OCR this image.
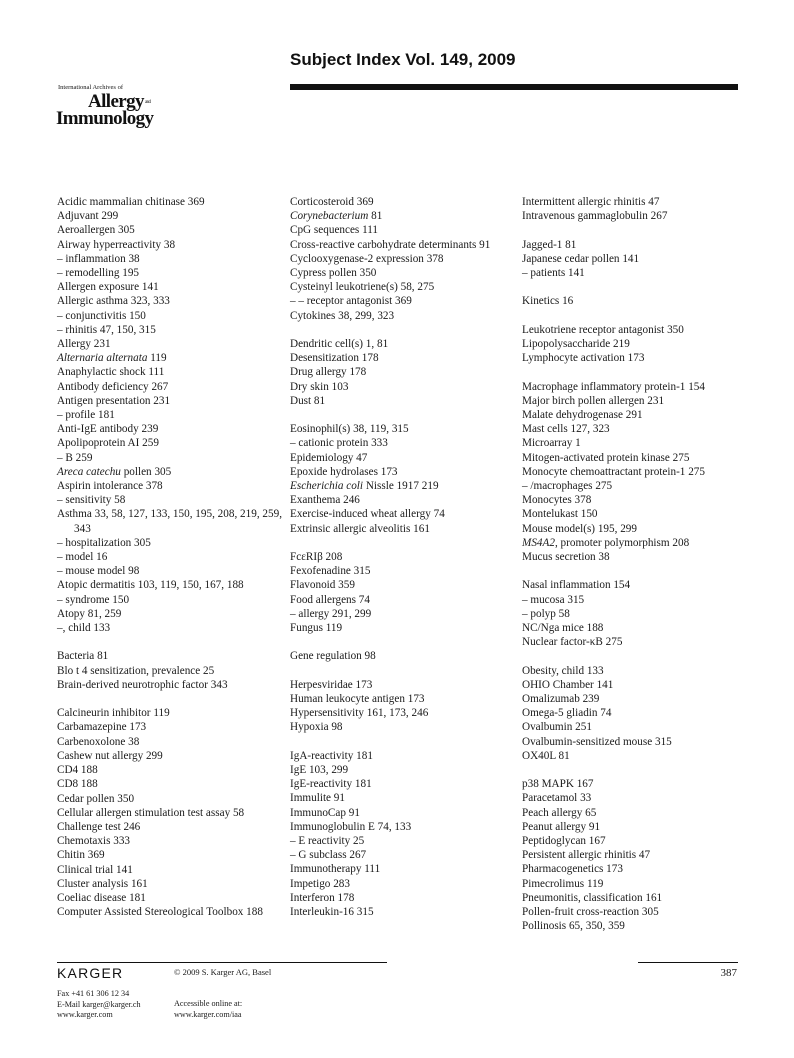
Subject Index Vol. 149, 2009
International Archives of
Allergyand
Immunology
Acidic mammalian chitinase 369
Adjuvant 299
Aeroallergen 305
Airway hyperreactivity 38
– inflammation 38
– remodelling 195
Allergen exposure 141
Allergic asthma 323, 333
– conjunctivitis 150
– rhinitis 47, 150, 315
Allergy 231
Alternaria alternata 119
Anaphylactic shock 111
Antibody deficiency 267
Antigen presentation 231
– profile 181
Anti-IgE antibody 239
Apolipoprotein AI 259
– B 259
Areca catechu pollen 305
Aspirin intolerance 378
– sensitivity 58
Asthma 33, 58, 127, 133, 150, 195, 208, 219, 259, 343
– hospitalization 305
– model 16
– mouse model 98
Atopic dermatitis 103, 119, 150, 167, 188
– syndrome 150
Atopy 81, 259
–, child 133
Bacteria 81
Blo t 4 sensitization, prevalence 25
Brain-derived neurotrophic factor 343
Calcineurin inhibitor 119
Carbamazepine 173
Carbenoxolone 38
Cashew nut allergy 299
CD4 188
CD8 188
Cedar pollen 350
Cellular allergen stimulation test assay 58
Challenge test 246
Chemotaxis 333
Chitin 369
Clinical trial 141
Cluster analysis 161
Coeliac disease 181
Computer Assisted Stereological Toolbox 188
Corticosteroid 369
Corynebacterium 81
CpG sequences 111
Cross-reactive carbohydrate determinants 91
Cyclooxygenase-2 expression 378
Cypress pollen 350
Cysteinyl leukotriene(s) 58, 275
– – receptor antagonist 369
Cytokines 38, 299, 323
Dendritic cell(s) 1, 81
Desensitization 178
Drug allergy 178
Dry skin 103
Dust 81
Eosinophil(s) 38, 119, 315
– cationic protein 333
Epidemiology 47
Epoxide hydrolases 173
Escherichia coli Nissle 1917 219
Exanthema 246
Exercise-induced wheat allergy 74
Extrinsic allergic alveolitis 161
FcεRIβ 208
Fexofenadine 315
Flavonoid 359
Food allergens 74
– allergy 291, 299
Fungus 119
Gene regulation 98
Herpesviridae 173
Human leukocyte antigen 173
Hypersensitivity 161, 173, 246
Hypoxia 98
IgA-reactivity 181
IgE 103, 299
IgE-reactivity 181
Immulite 91
ImmunoCap 91
Immunoglobulin E 74, 133
– E reactivity 25
– G subclass 267
Immunotherapy 111
Impetigo 283
Interferon 178
Interleukin-16 315
Intermittent allergic rhinitis 47
Intravenous gammaglobulin 267
Jagged-1 81
Japanese cedar pollen 141
– patients 141
Kinetics 16
Leukotriene receptor antagonist 350
Lipopolysaccharide 219
Lymphocyte activation 173
Macrophage inflammatory protein-1 154
Major birch pollen allergen 231
Malate dehydrogenase 291
Mast cells 127, 323
Microarray 1
Mitogen-activated protein kinase 275
Monocyte chemoattractant protein-1 275
– /macrophages 275
Monocytes 378
Montelukast 150
Mouse model(s) 195, 299
MS4A2, promoter polymorphism 208
Mucus secretion 38
Nasal inflammation 154
– mucosa 315
– polyp 58
NC/Nga mice 188
Nuclear factor-κB 275
Obesity, child 133
OHIO Chamber 141
Omalizumab 239
Omega-5 gliadin 74
Ovalbumin 251
Ovalbumin-sensitized mouse 315
OX40L 81
p38 MAPK 167
Paracetamol 33
Peach allergy 65
Peanut allergy 91
Peptidoglycan 167
Persistent allergic rhinitis 47
Pharmacogenetics 173
Pimecrolimus 119
Pneumonitis, classification 161
Pollen-fruit cross-reaction 305
Pollinosis 65, 350, 359
KARGER	© 2009 S. Karger AG, Basel	387
Fax +41 61 306 12 34
E-Mail karger@karger.ch
www.karger.com
Accessible online at:
www.karger.com/iaa
